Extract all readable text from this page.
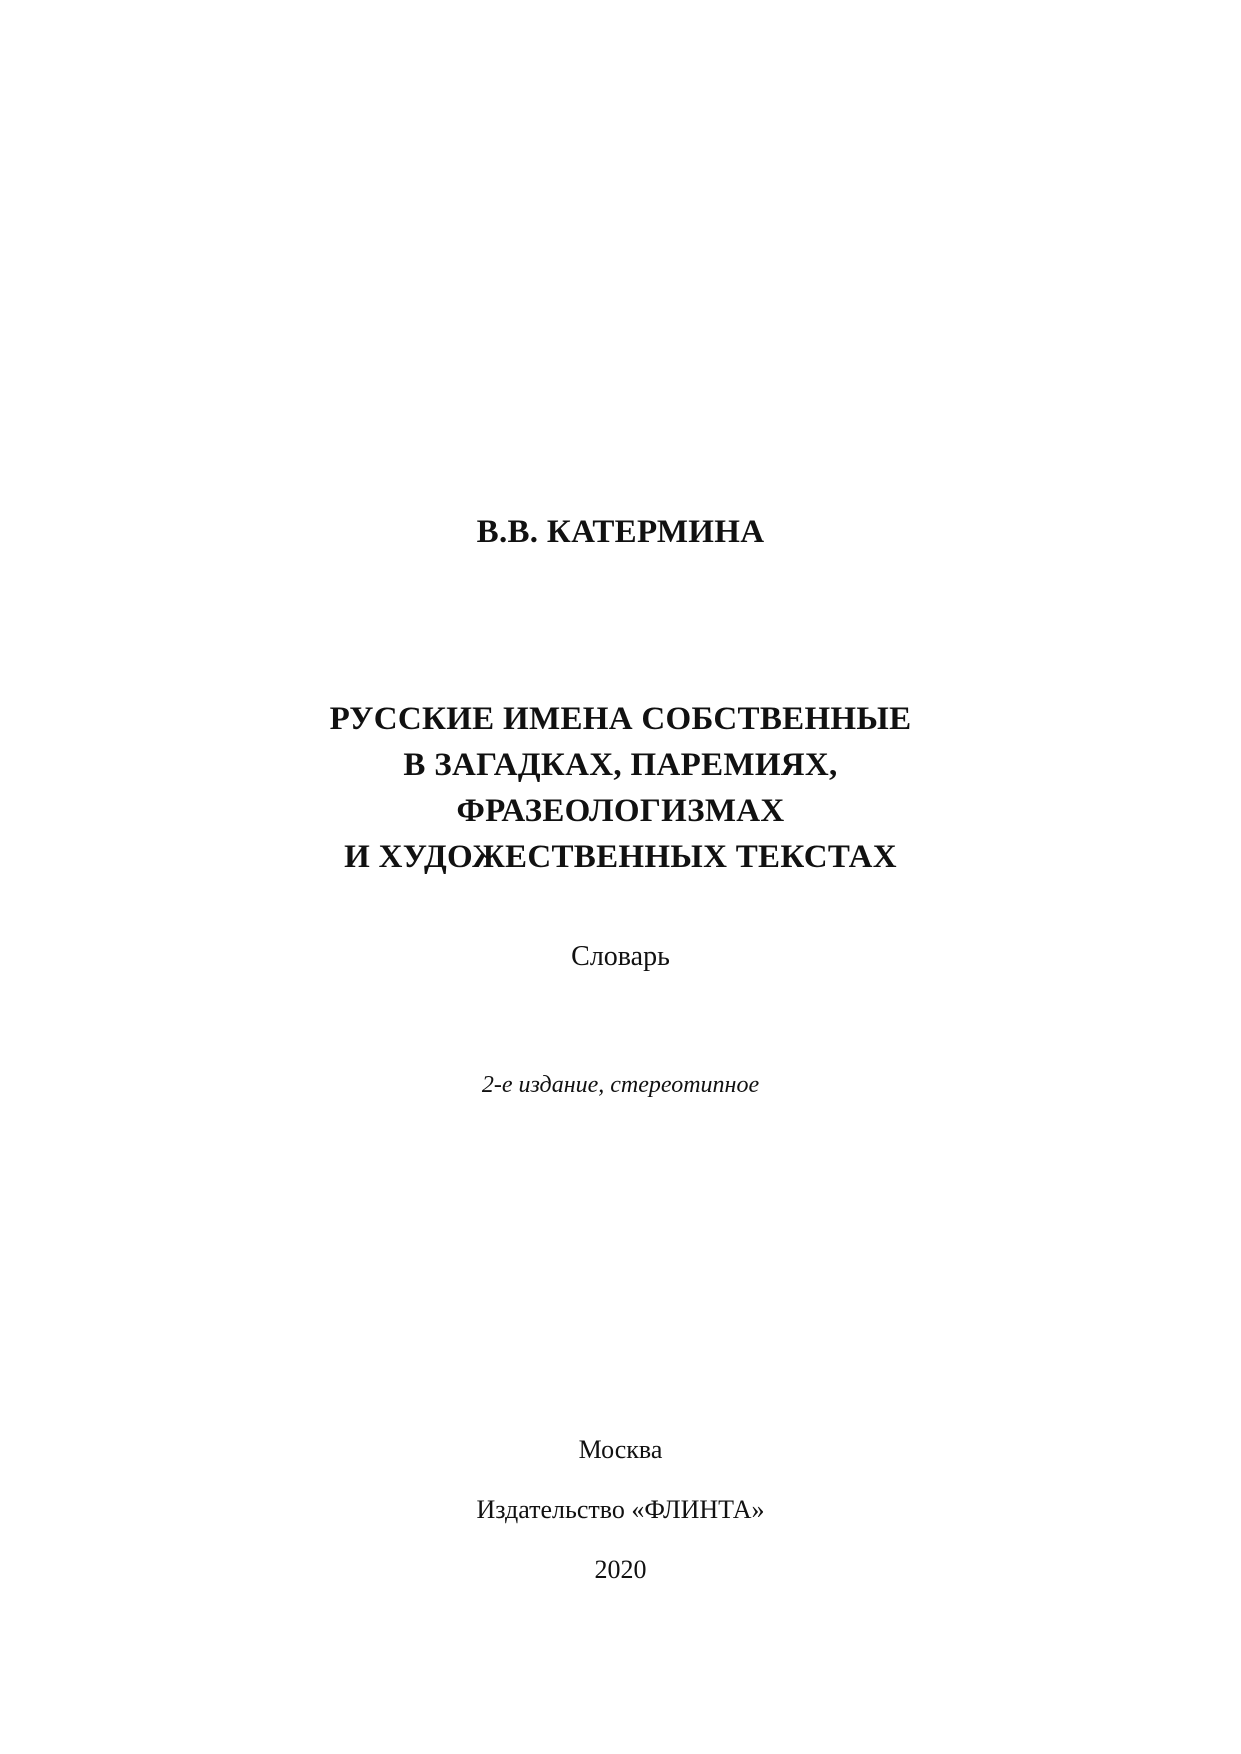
В.В. КАТЕРМИНА
РУССКИЕ ИМЕНА СОБСТВЕННЫЕ
В ЗАГАДКАХ, ПАРЕМИЯХ,
ФРАЗЕОЛОГИЗМАХ
И ХУДОЖЕСТВЕННЫХ ТЕКСТАХ
Словарь
2-е издание, стереотипное
Москва
Издательство «ФЛИНТА»
2020
